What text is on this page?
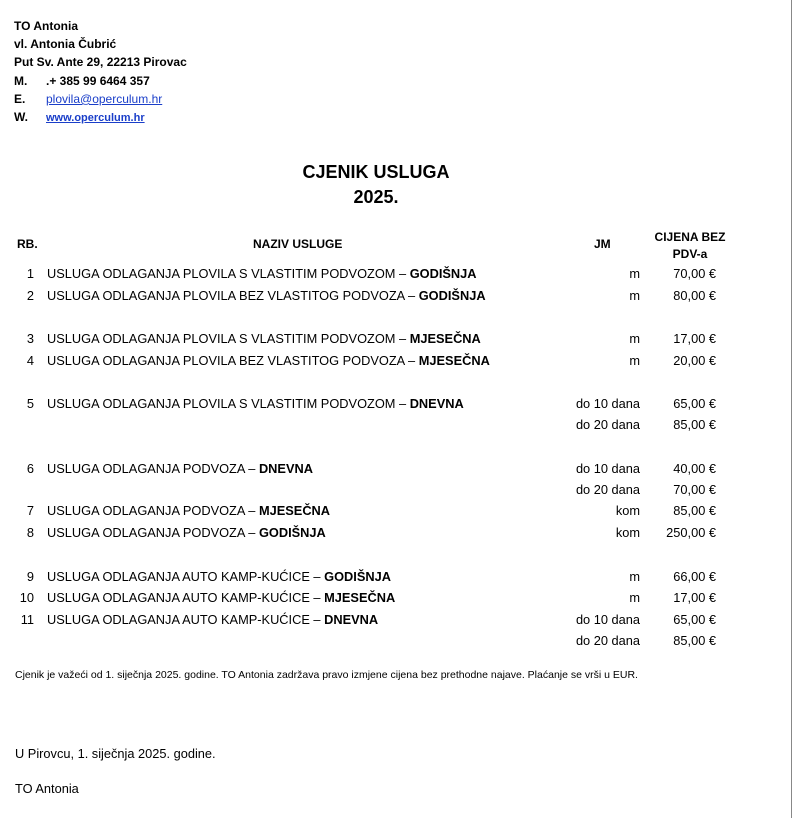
TO Antonia
vl. Antonia Čubrić
Put Sv. Ante 29, 22213 Pirovac
M. .+ 385 99 6464 357
E. plovila@operculum.hr
W. www.operculum.hr
CJENIK USLUGA
2025.
RB.	NAZIV USLUGE	JM	CIJENA BEZ
PDV-a
1 USLUGA ODLAGANJA PLOVILA S VLASTITIM PODVOZOM – GODIŠNJA	m	70,00 €
2 USLUGA ODLAGANJA PLOVILA BEZ VLASTITOG PODVOZA – GODIŠNJA	m	80,00 €
3 USLUGA ODLAGANJA PLOVILA S VLASTITIM PODVOZOM – MJESEČNA	m	17,00 €
4 USLUGA ODLAGANJA PLOVILA BEZ VLASTITOG PODVOZA – MJESEČNA	m	20,00 €
5 USLUGA ODLAGANJA PLOVILA S VLASTITIM PODVOZOM – DNEVNA	do 10 dana	65,00 €
do 20 dana	85,00 €
6 USLUGA ODLAGANJA PODVOZA – DNEVNA	do 10 dana	40,00 €
do 20 dana	70,00 €
7 USLUGA ODLAGANJA PODVOZA – MJESEČNA	kom	85,00 €
8 USLUGA ODLAGANJA PODVOZA – GODIŠNJA	kom	250,00 €
9 USLUGA ODLAGANJA AUTO KAMP-KUĆICE – GODIŠNJA	m	66,00 €
10 USLUGA ODLAGANJA AUTO KAMP-KUĆICE – MJESEČNA	m	17,00 €
11 USLUGA ODLAGANJA AUTO KAMP-KUĆICE – DNEVNA	do 10 dana	65,00 €
do 20 dana	85,00 €
Cjenik je važeći od 1. siječnja 2025. godine. TO Antonia zadržava pravo izmjene cijena bez prethodne najave. Plaćanje se vrši u EUR.
U Pirovcu, 1. siječnja 2025. godine.
TO Antonia
